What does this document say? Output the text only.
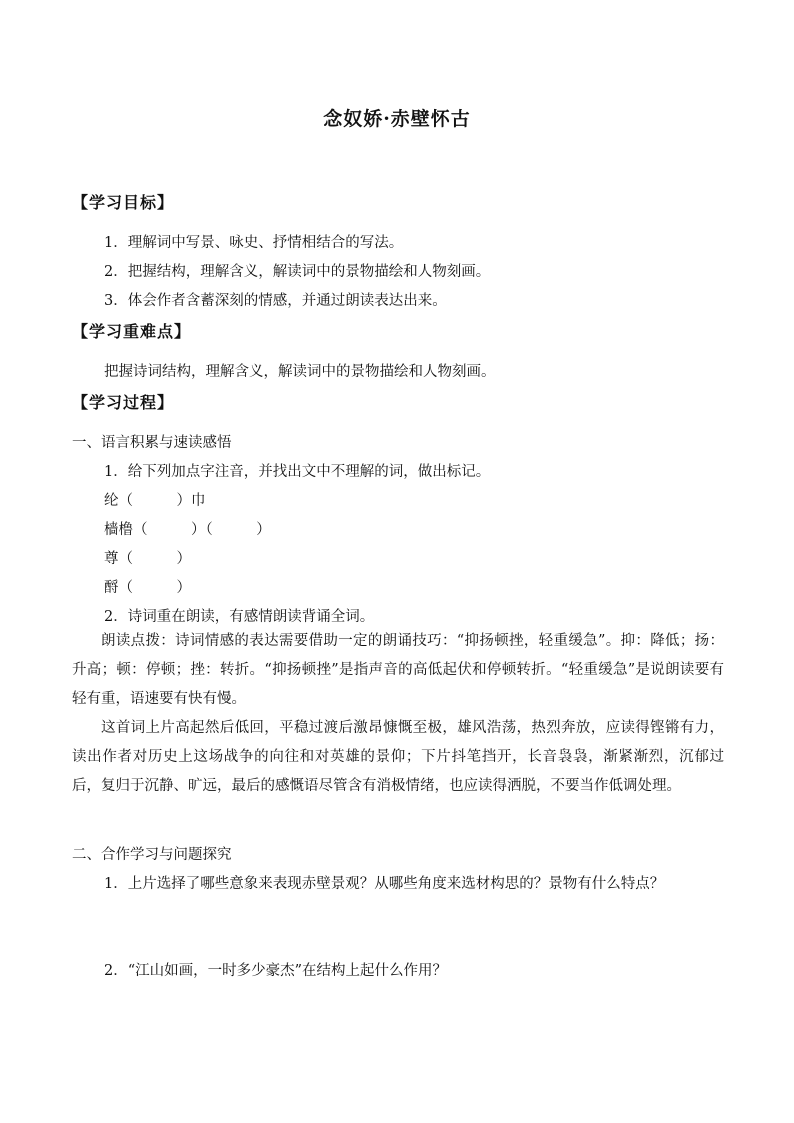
念奴娇·赤壁怀古
【学习目标】
1．理解词中写景、咏史、抒情相结合的写法。
2．把握结构，理解含义，解读词中的景物描绘和人物刻画。
3．体会作者含蓄深刻的情感，并通过朗读表达出来。
【学习重难点】
把握诗词结构，理解含义，解读词中的景物描绘和人物刻画。
【学习过程】
一、语言积累与速读感悟
1．给下列加点字注音，并找出文中不理解的词，做出标记。
纶（　　　）巾
樯橹（　　　）（　　　）
尊（　　　）
酹（　　　）
2．诗词重在朗读，有感情朗读背诵全词。
朗读点拨：诗词情感的表达需要借助一定的朗诵技巧：“抑扬顿挫，轻重缓急”。抑：降低；扬：升高；顿：停顿；挫：转折。“抑扬顿挫”是指声音的高低起伏和停顿转折。“轻重缓急”是说朗读要有轻有重，语速要有快有慢。
这首词上片高起然后低回，平稳过渡后激昂慷慨至极，雄风浩荡，热烈奔放，应读得铿锵有力，读出作者对历史上这场战争的向往和对英雄的景仰；下片抖笔挡开，长音袅袅，渐紧渐烈，沉郁过后，复归于沉静、旷远，最后的感慨语尽管含有消极情绪，也应读得洒脱，不要当作低调处理。
二、合作学习与问题探究
1．上片选择了哪些意象来表现赤壁景观？从哪些角度来选材构思的？景物有什么特点？
2．“江山如画，一时多少豪杰”在结构上起什么作用？
